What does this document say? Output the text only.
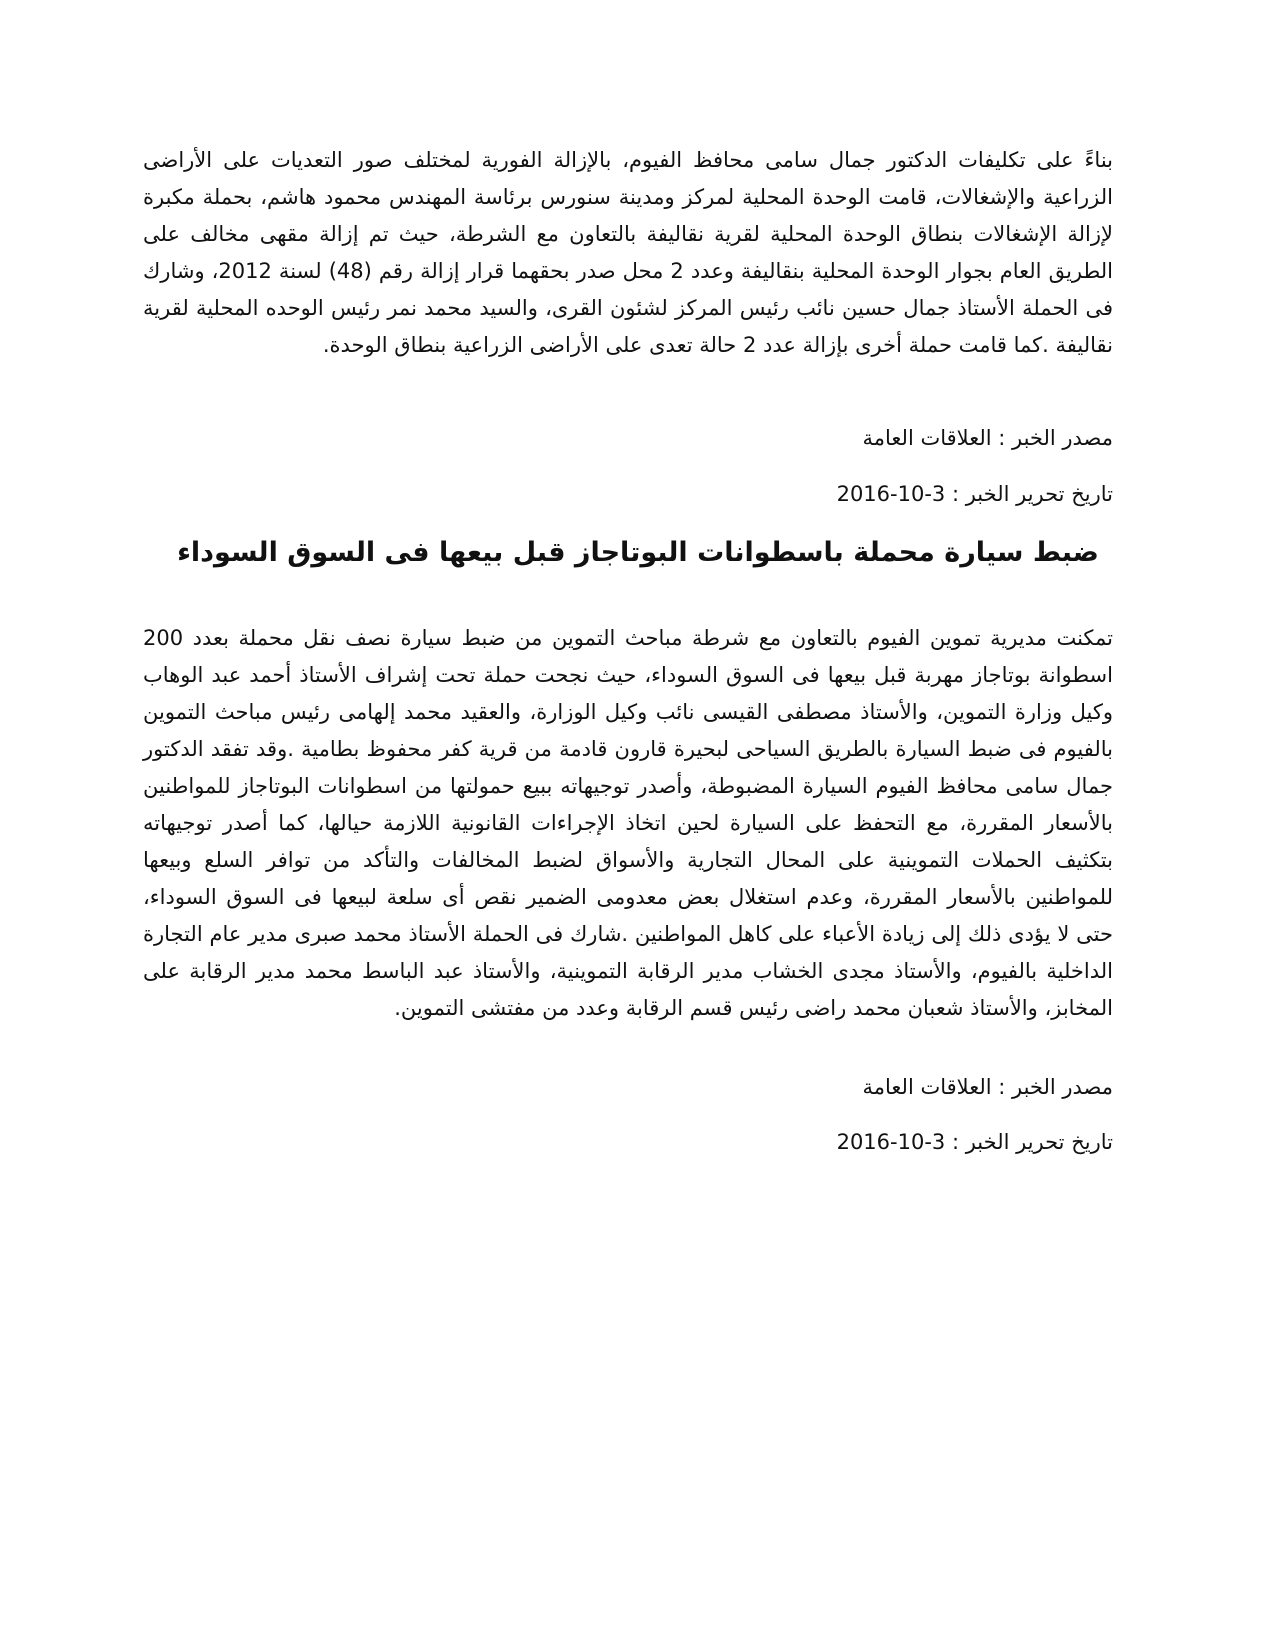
بناءً على تكليفات الدكتور جمال سامى محافظ الفيوم، بالإزالة الفورية لمختلف صور التعديات على الأراضى الزراعية والإشغالات، قامت الوحدة المحلية لمركز ومدينة سنورس برئاسة المهندس محمود هاشم، بحملة مكبرة لإزالة الإشغالات بنطاق الوحدة المحلية لقرية نقاليفة بالتعاون مع الشرطة، حيث تم إزالة مقهى مخالف على الطريق العام بجوار الوحدة المحلية بنقاليفة وعدد 2 محل صدر بحقهما قرار إزالة رقم (48) لسنة 2012، وشارك فى الحملة الأستاذ جمال حسين نائب رئيس المركز لشئون القرى، والسيد محمد نمر رئيس الوحده المحلية لقرية نقاليفة .كما قامت حملة أخرى بإزالة عدد 2 حالة تعدى على الأراضى الزراعية بنطاق الوحدة.

مصدر الخبر : العلاقات العامة

تاريخ تحرير الخبر : 3-10-2016

ضبط سيارة محملة باسطوانات البوتاجاز قبل بيعها فى السوق السوداء

تمكنت مديرية تموين الفيوم بالتعاون مع شرطة مباحث التموين من ضبط سيارة نصف نقل محملة بعدد 200 اسطوانة بوتاجاز مهربة قبل بيعها فى السوق السوداء، حيث نجحت حملة تحت إشراف الأستاذ أحمد عبد الوهاب وكيل وزارة التموين، والأستاذ مصطفى القيسى نائب وكيل الوزارة، والعقيد محمد إلهامى رئيس مباحث التموين بالفيوم فى ضبط السيارة بالطريق السياحى لبحيرة قارون قادمة من قرية كفر محفوظ بطامية .وقد تفقد الدكتور جمال سامى محافظ الفيوم السيارة المضبوطة، وأصدر توجيهاته ببيع حمولتها من اسطوانات البوتاجاز للمواطنين بالأسعار المقررة، مع التحفظ على السيارة لحين اتخاذ الإجراءات القانونية اللازمة حيالها، كما أصدر توجيهاته بتكثيف الحملات التموينية على المحال التجارية والأسواق لضبط المخالفات والتأكد من توافر السلع وبيعها للمواطنين بالأسعار المقررة، وعدم استغلال بعض معدومى الضمير نقص أى سلعة لبيعها فى السوق السوداء، حتى لا يؤدى ذلك إلى زيادة الأعباء على كاهل المواطنين .شارك فى الحملة الأستاذ محمد صبرى مدير عام التجارة الداخلية بالفيوم، والأستاذ مجدى الخشاب مدير الرقابة التموينية، والأستاذ عبد الباسط محمد مدير الرقابة على المخابز، والأستاذ شعبان محمد راضى رئيس قسم الرقابة وعدد من مفتشى التموين.

مصدر الخبر : العلاقات العامة

تاريخ تحرير الخبر : 3-10-2016
